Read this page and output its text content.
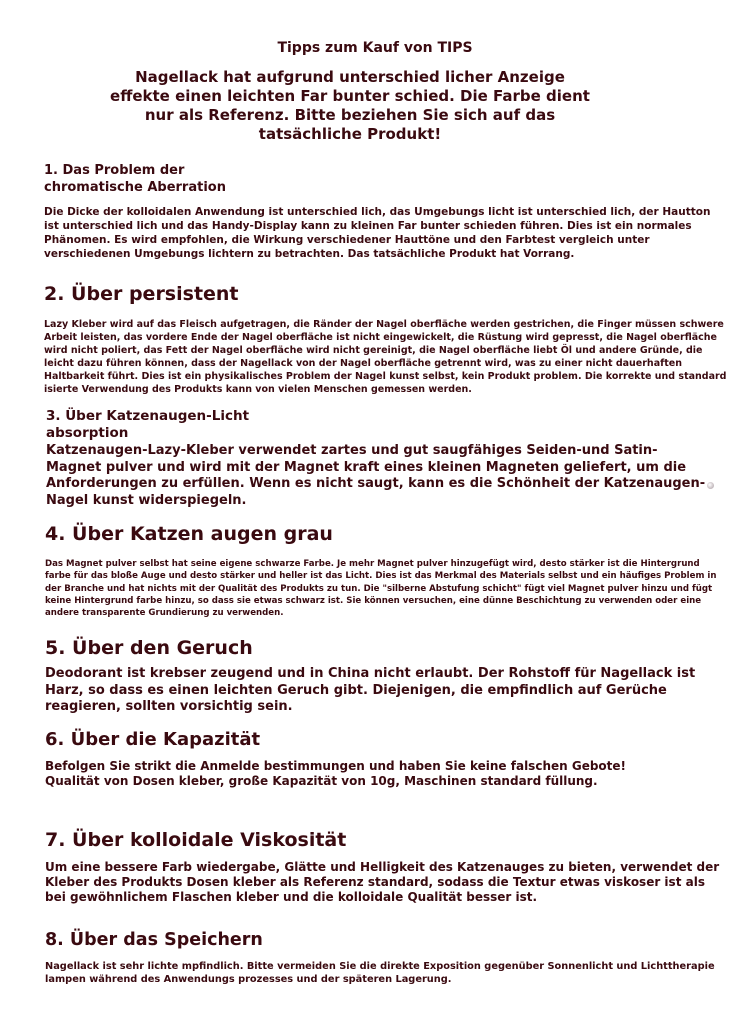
Tipps zum Kauf von TIPS
Nagellack hat aufgrund unterschied licher Anzeige effekte einen leichten Far bunter schied. Die Farbe dient nur als Referenz. Bitte beziehen Sie sich auf das tatsächliche Produkt!
1. Das Problem der
chromatische Aberration

Die Dicke der kolloidalen Anwendung ist unterschied lich, das Umgebungs licht ist unterschied lich, der Hautton ist unterschied lich und das Handy-Display kann zu kleinen Far bunter schieden führen. Dies ist ein normales Phänomen. Es wird empfohlen, die Wirkung verschiedener Hauttöne und den Farbtest vergleich unter verschiedenen Umgebungs lichtern zu betrachten. Das tatsächliche Produkt hat Vorrang.

2. Über persistent

Lazy Kleber wird auf das Fleisch aufgetragen, die Ränder der Nagel oberfläche werden gestrichen, die Finger müssen schwere Arbeit leisten, das vordere Ende der Nagel oberfläche ist nicht eingewickelt, die Rüstung wird gepresst, die Nagel oberfläche wird nicht poliert, das Fett der Nagel oberfläche wird nicht gereinigt, die Nagel oberfläche liebt Öl und andere Gründe, die leicht dazu führen können, dass der Nagellack von der Nagel oberfläche getrennt wird, was zu einer nicht dauerhaften Haltbarkeit führt. Dies ist ein physikalisches Problem der Nagel kunst selbst, kein Produkt problem. Die korrekte und standard isierte Verwendung des Produkts kann von vielen Menschen gemessen werden.

3. Über Katzenaugen-Licht
absorption

Katzenaugen-Lazy-Kleber verwendet zartes und gut saugfähiges Seiden-und Satin-Magnet pulver und wird mit der Magnet kraft eines kleinen Magneten geliefert, um die Anforderungen zu erfüllen. Wenn es nicht saugt, kann es die Schönheit der Katzenaugen-Nagel kunst widerspiegeln.

4. Über Katzen augen grau

Das Magnet pulver selbst hat seine eigene schwarze Farbe. Je mehr Magnet pulver hinzugefügt wird, desto stärker ist die Hintergrund farbe für das bloße Auge und desto stärker und heller ist das Licht. Dies ist das Merkmal des Materials selbst und ein häufiges Problem in der Branche und hat nichts mit der Qualität des Produkts zu tun. Die "silberne Abstufung schicht" fügt viel Magnet pulver hinzu und fügt keine Hintergrund farbe hinzu, so dass sie etwas schwarz ist. Sie können versuchen, eine dünne Beschichtung zu verwenden oder eine andere transparente Grundierung zu verwenden.

5. Über den Geruch

Deodorant ist krebser zeugend und in China nicht erlaubt. Der Rohstoff für Nagellack ist Harz, so dass es einen leichten Geruch gibt. Diejenigen, die empfindlich auf Gerüche reagieren, sollten vorsichtig sein.

6. Über die Kapazität

Befolgen Sie strikt die Anmelde bestimmungen und haben Sie keine falschen Gebote!
Qualität von Dosen kleber, große Kapazität von 10g, Maschinen standard füllung.

7. Über kolloidale Viskosität

Um eine bessere Farb wiedergabe, Glätte und Helligkeit des Katzenauges zu bieten, verwendet der Kleber des Produkts Dosen kleber als Referenz standard, sodass die Textur etwas viskoser ist als bei gewöhnlichem Flaschen kleber und die kolloidale Qualität besser ist.

8. Über das Speichern

Nagellack ist sehr lichte mpfindlich. Bitte vermeiden Sie die direkte Exposition gegenüber Sonnenlicht und Lichttherapie lampen während des Anwendungs prozesses und der späteren Lagerung.
